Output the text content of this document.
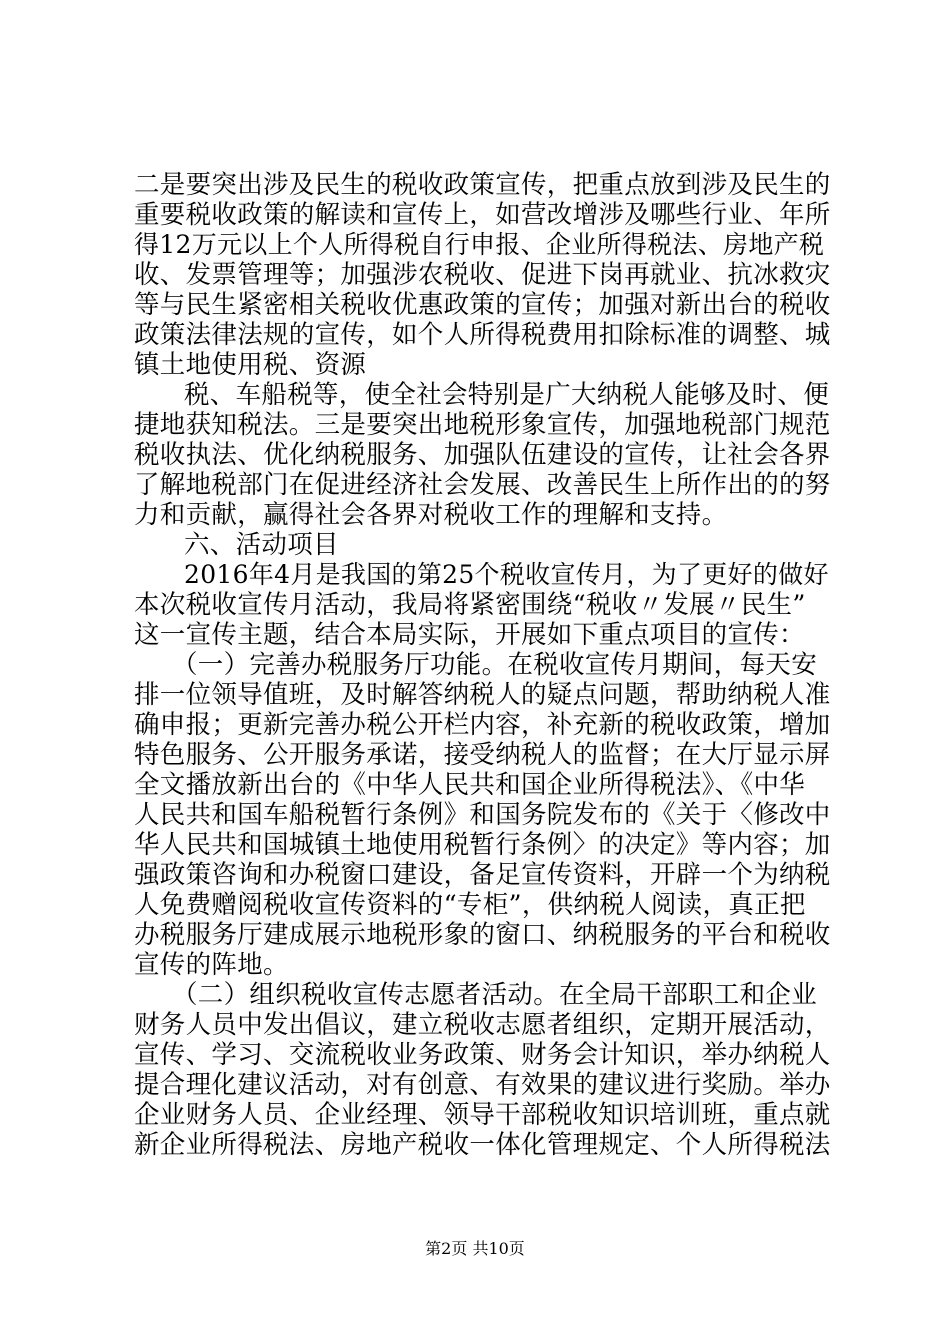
二是要突出涉及民生的税收政策宣传，把重点放到涉及民生的
重要税收政策的解读和宣传上，如营改增涉及哪些行业、年所
得12万元以上个人所得税自行申报、企业所得税法、房地产税
收、发票管理等；加强涉农税收、促进下岗再就业、抗冰救灾
等与民生紧密相关税收优惠政策的宣传；加强对新出台的税收
政策法律法规的宣传，如个人所得税费用扣除标准的调整、城
镇土地使用税、资源
税、车船税等，使全社会特别是广大纳税人能够及时、便
捷地获知税法。三是要突出地税形象宣传，加强地税部门规范
税收执法、优化纳税服务、加强队伍建设的宣传，让社会各界
了解地税部门在促进经济社会发展、改善民生上所作出的的努
力和贡献，赢得社会各界对税收工作的理解和支持。
六、活动项目
2016年4月是我国的第25个税收宣传月，为了更好的做好
本次税收宣传月活动，我局将紧密围绕“税收〃发展〃民生”
这一宣传主题，结合本局实际，开展如下重点项目的宣传：
（一）完善办税服务厅功能。在税收宣传月期间，每天安
排一位领导值班，及时解答纳税人的疑点问题，帮助纳税人准
确申报；更新完善办税公开栏内容，补充新的税收政策，增加
特色服务、公开服务承诺，接受纳税人的监督；在大厅显示屏
全文播放新出台的《中华人民共和国企业所得税法》、《中华
人民共和国车船税暂行条例》和国务院发布的《关于〈修改中
华人民共和国城镇土地使用税暂行条例〉的决定》等内容；加
强政策咨询和办税窗口建设，备足宣传资料，开辟一个为纳税
人免费赠阅税收宣传资料的“专柜”，供纳税人阅读，真正把
办税服务厅建成展示地税形象的窗口、纳税服务的平台和税收
宣传的阵地。
（二）组织税收宣传志愿者活动。在全局干部职工和企业
财务人员中发出倡议，建立税收志愿者组织，定期开展活动，
宣传、学习、交流税收业务政策、财务会计知识，举办纳税人
提合理化建议活动，对有创意、有效果的建议进行奖励。举办
企业财务人员、企业经理、领导干部税收知识培训班，重点就
新企业所得税法、房地产税收一体化管理规定、个人所得税法
第2页 共10页
